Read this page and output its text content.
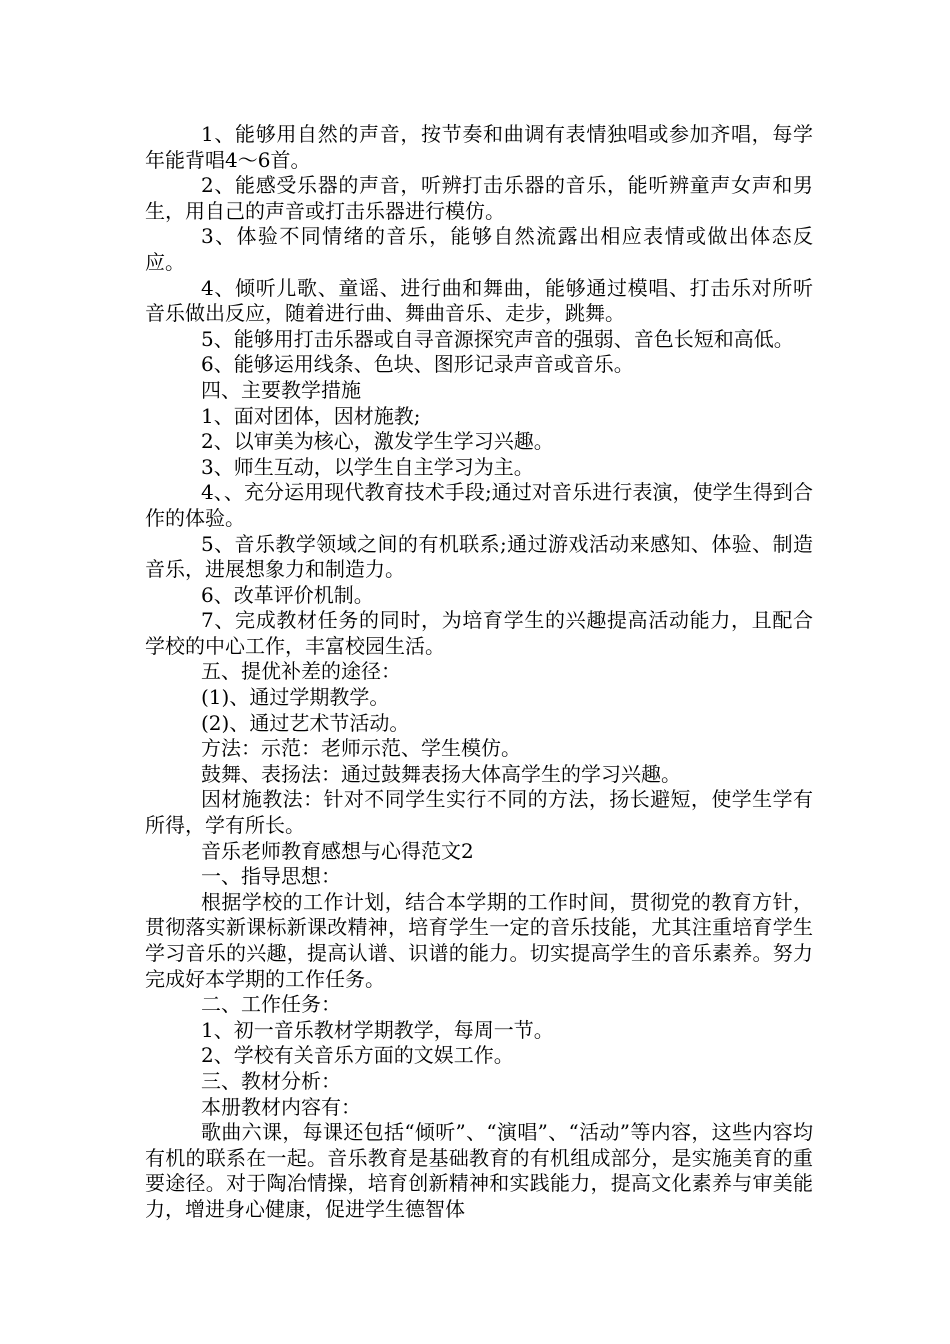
1、能够用自然的声音，按节奏和曲调有表情独唱或参加齐唱，每学年能背唱4～6首。

2、能感受乐器的声音，听辨打击乐器的音乐，能听辨童声女声和男生，用自己的声音或打击乐器进行模仿。

3、体验不同情绪的音乐，能够自然流露出相应表情或做出体态反应。

4、倾听儿歌、童谣、进行曲和舞曲，能够通过模唱、打击乐对所听音乐做出反应，随着进行曲、舞曲音乐、走步，跳舞。

5、能够用打击乐器或自寻音源探究声音的强弱、音色长短和高低。

6、能够运用线条、色块、图形记录声音或音乐。

四、主要教学措施

1、面对团体，因材施教;

2、以审美为核心，激发学生学习兴趣。

3、师生互动，以学生自主学习为主。

4、、充分运用现代教育技术手段;通过对音乐进行表演，使学生得到合作的体验。

5、音乐教学领域之间的有机联系;通过游戏活动来感知、体验、制造音乐，进展想象力和制造力。

6、改革评价机制。

7、完成教材任务的同时，为培育学生的兴趣提高活动能力，且配合学校的中心工作，丰富校园生活。

五、提优补差的途径：

(1)、通过学期教学。

(2)、通过艺术节活动。

方法：示范：老师示范、学生模仿。

鼓舞、表扬法：通过鼓舞表扬大体高学生的学习兴趣。

因材施教法：针对不同学生实行不同的方法，扬长避短，使学生学有所得，学有所长。

音乐老师教育感想与心得范文2

一、指导思想：

根据学校的工作计划，结合本学期的工作时间，贯彻党的教育方针，贯彻落实新课标新课改精神，培育学生一定的音乐技能，尤其注重培育学生学习音乐的兴趣，提高认谱、识谱的能力。切实提高学生的音乐素养。努力完成好本学期的工作任务。

二、工作任务：

1、初一音乐教材学期教学，每周一节。

2、学校有关音乐方面的文娱工作。

三、教材分析：

本册教材内容有：

歌曲六课，每课还包括“倾听”、“演唱”、“活动”等内容，这些内容均有机的联系在一起。音乐教育是基础教育的有机组成部分，是实施美育的重要途径。对于陶冶情操，培育创新精神和实践能力，提高文化素养与审美能力，增进身心健康，促进学生德智体
